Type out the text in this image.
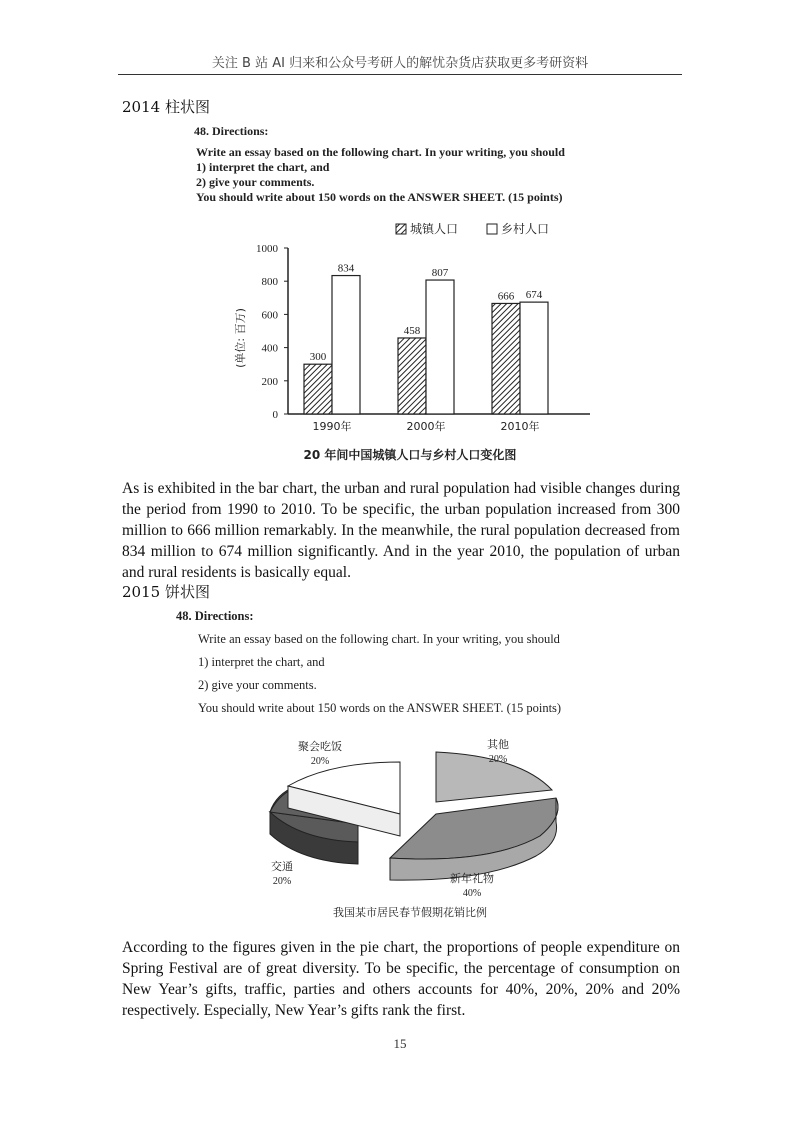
关注 B 站 AI 归来和公众号考研人的解忧杂货店获取更多考研资料
2014 柱状图
48. Directions:
Write an essay based on the following chart. In your writing, you should
1) interpret the chart, and
2) give your comments.
You should write about 150 words on the ANSWER SHEET. (15 points)
城镇人口	乡村人口
(单位: 百万)
20 年间中国城镇人口与乡村人口变化图
0
200
400
600
800
1000
300
834
1990年
458
807
2000年
666 674
2010年
As is exhibited in the bar chart, the urban and rural population had visible changes during the period from 1990 to 2010. To be specific, the urban population increased from 300 million to 666 million remarkably. In the meanwhile, the rural population decreased from 834 million to 674 million significantly. And in the year 2010, the population of urban and rural residents is basically equal.
2015 饼状图
48. Directions:
Write an essay based on the following chart. In your writing, you should
1) interpret the chart, and
2) give your comments.
You should write about 150 words on the ANSWER SHEET. (15 points)
聚会吃饭
20%
其他
20%
新年礼物
40%
交通
20%
我国某市居民春节假期花销比例
According to the figures given in the pie chart, the proportions of people expenditure on Spring Festival are of great diversity. To be specific, the percentage of consumption on New Year’s gifts, traffic, parties and others accounts for 40%, 20%, 20% and 20% respectively. Especially, New Year’s gifts rank the first.
15
